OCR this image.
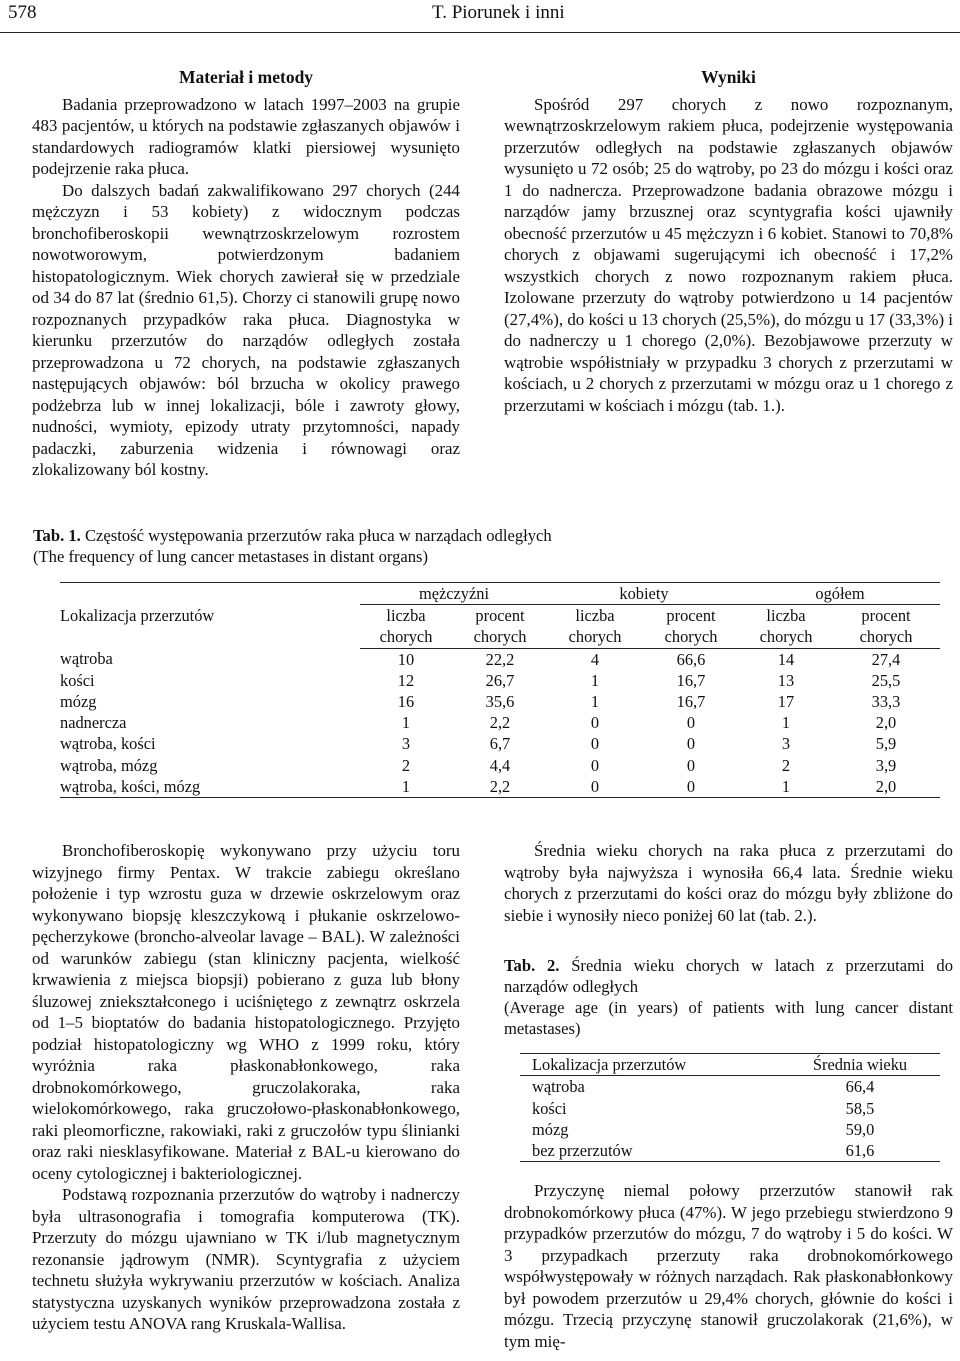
578	T. Piorunek i inni
Materiał i metody

Badania przeprowadzono w latach 1997–2003 na grupie 483 pacjentów, u których na podstawie zgłaszanych objawów i standardowych radiogramów klatki piersiowej wysunięto podejrzenie raka płuca.

Do dalszych badań zakwalifikowano 297 chorych (244 mężczyzn i 53 kobiety) z widocznym podczas bronchofiberoskopii wewnątrzoskrzelowym rozrostem nowotworowym, potwierdzonym badaniem histopatologicznym. Wiek chorych zawierał się w przedziale od 34 do 87 lat (średnio 61,5). Chorzy ci stanowili grupę nowo rozpoznanych przypadków raka płuca. Diagnostyka w kierunku przerzutów do narządów odległych została przeprowadzona u 72 chorych, na podstawie zgłaszanych następujących objawów: ból brzucha w okolicy prawego podżebrza lub w innej lokalizacji, bóle i zawroty głowy, nudności, wymioty, epizody utraty przytomności, napady padaczki, zaburzenia widzenia i równowagi oraz zlokalizowany ból kostny.

Wyniki

Spośród 297 chorych z nowo rozpoznanym, wewnątrzoskrzelowym rakiem płuca, podejrzenie występowania przerzutów odległych na podstawie zgłaszanych objawów wysunięto u 72 osób; 25 do wątroby, po 23 do mózgu i kości oraz 1 do nadnercza. Przeprowadzone badania obrazowe mózgu i narządów jamy brzusznej oraz scyntygrafia kości ujawniły obecność przerzutów u 45 mężczyzn i 6 kobiet. Stanowi to 70,8% chorych z objawami sugerującymi ich obecność i 17,2% wszystkich chorych z nowo rozpoznanym rakiem płuca. Izolowane przerzuty do wątroby potwierdzono u 14 pacjentów (27,4%), do kości u 13 chorych (25,5%), do mózgu u 17 (33,3%) i do nadnerczy u 1 chorego (2,0%). Bezobjawowe przerzuty w wątrobie współistniały w przypadku 3 chorych z przerzutami w kościach, u 2 chorych z przerzutami w mózgu oraz u 1 chorego z przerzutami w kościach i mózgu (tab. 1.).

Tab. 1. Częstość występowania przerzutów raka płuca w narządach odległych
(The frequency of lung cancer metastases in distant organs)
	mężczyźni		kobiety		ogółem	
Lokalizacja przerzutów	liczba	procent	liczba	procent	liczba	procent
	chorych	chorych	chorych	chorych	chorych	chorych
wątroba	10	22,2	4	66,6	14	27,4
kości	12	26,7	1	16,7	13	25,5
mózg	16	35,6	1	16,7	17	33,3
nadnercza	1	2,2	0	0	1	2,0
wątroba, kości	3	6,7	0	0	3	5,9
wątroba, mózg	2	4,4	0	0	2	3,9
wątroba, kości, mózg	1	2,2	0	0	1	2,0

Bronchofiberoskopię wykonywano przy użyciu toru wizyjnego firmy Pentax. W trakcie zabiegu określano położenie i typ wzrostu guza w drzewie oskrzelowym oraz wykonywano biopsję kleszczykową i płukanie oskrzelowo-pęcherzykowe (broncho-alveolar lavage – BAL). W zależności od warunków zabiegu (stan kliniczny pacjenta, wielkość krwawienia z miejsca biopsji) pobierano z guza lub błony śluzowej zniekształconego i uciśniętego z zewnątrz oskrzela od 1–5 bioptatów do badania histopatologicznego. Przyjęto podział histopatologiczny wg WHO z 1999 roku, który wyróżnia raka płaskonabłonkowego, raka drobnokomórkowego, gruczolakoraka, raka wielokomórkowego, raka gruczołowo-płaskonabłonkowego, raki pleomorficzne, rakowiaki, raki z gruczołów typu ślinianki oraz raki niesklasyfikowane. Materiał z BAL-u kierowano do oceny cytologicznej i bakteriologicznej.

Podstawą rozpoznania przerzutów do wątroby i nadnerczy była ultrasonografia i tomografia komputerowa (TK). Przerzuty do mózgu ujawniano w TK i/lub magnetycznym rezonansie jądrowym (NMR). Scyntygrafia z użyciem technetu służyła wykrywaniu przerzutów w kościach. Analiza statystyczna uzyskanych wyników przeprowadzona została z użyciem testu ANOVA rang Kruskala-Wallisa.

Średnia wieku chorych na raka płuca z przerzutami do wątroby była najwyższa i wynosiła 66,4 lata. Średnie wieku chorych z przerzutami do kości oraz do mózgu były zbliżone do siebie i wynosiły nieco poniżej 60 lat (tab. 2.).

Tab. 2. Średnia wieku chorych w latach z przerzutami do narządów odległych
(Average age (in years) of patients with lung cancer distant metastases)
Lokalizacja przerzutów	Średnia wieku
wątroba	66,4
kości	58,5
mózg	59,0
bez przerzutów	61,6

Przyczynę niemal połowy przerzutów stanowił rak drobnokomórkowy płuca (47%). W jego przebiegu stwierdzono 9 przypadków przerzutów do mózgu, 7 do wątroby i 5 do kości. W 3 przypadkach przerzuty raka drobnokomórkowego współwystępowały w różnych narządach. Rak płaskonabłonkowy był powodem przerzutów u 29,4% chorych, głównie do kości i mózgu. Trzecią przyczynę stanowił gruczolakorak (21,6%), w tym mię-
